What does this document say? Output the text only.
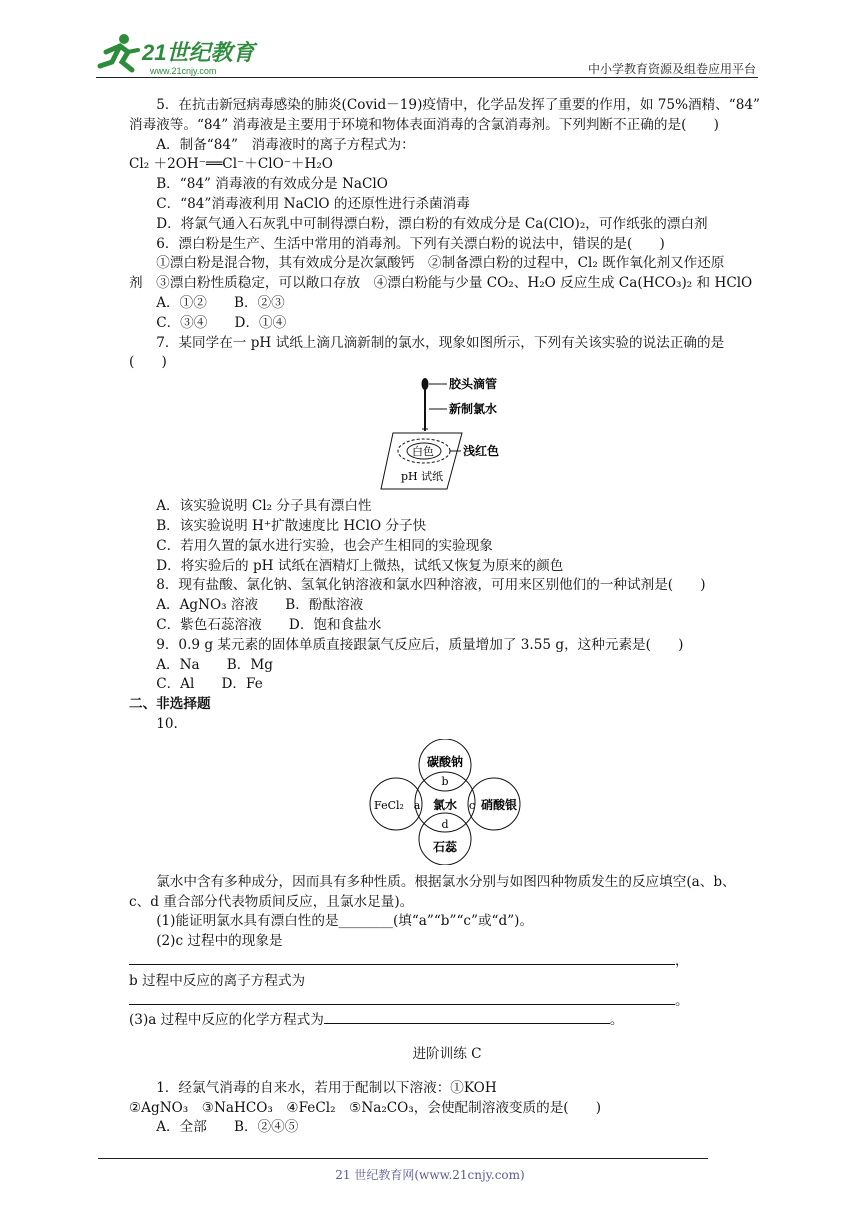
21世纪教育
www.21cnjy.com	中小学教育资源及组卷应用平台
5．在抗击新冠病毒感染的肺炎(Covid－19)疫情中，化学品发挥了重要的作用，如 75%酒精、“84”
消毒液等。“84” 消毒液是主要用于环境和物体表面消毒的含氯消毒剂。下列判断不正确的是(　　)
A．制备“84”　消毒液时的离子方程式为：
Cl₂ ＋2OH⁻══Cl⁻＋ClO⁻＋H₂O
B．“84” 消毒液的有效成分是 NaClO
C．“84”消毒液利用 NaClO 的还原性进行杀菌消毒
D．将氯气通入石灰乳中可制得漂白粉，漂白粉的有效成分是 Ca(ClO)₂，可作纸张的漂白剂
6．漂白粉是生产、生活中常用的消毒剂。下列有关漂白粉的说法中，错误的是(　　)
①漂白粉是混合物，其有效成分是次氯酸钙　②制备漂白粉的过程中，Cl₂ 既作氧化剂又作还原
剂　③漂白粉性质稳定，可以敞口存放　④漂白粉能与少量 CO₂、H₂O 反应生成 Ca(HCO₃)₂ 和 HClO
A．①②　　B．②③
C．③④　　D．①④
7．某同学在一 pH 试纸上滴几滴新制的氯水，现象如图所示，下列有关该实验的说法正确的是
(　　)
胶头滴管
新制氯水
白色 浅红色
pH 试纸
A．该实验说明 Cl₂ 分子具有漂白性
B．该实验说明 H⁺扩散速度比 HClO 分子快
C．若用久置的氯水进行实验，也会产生相同的实验现象
D．将实验后的 pH 试纸在酒精灯上微热，试纸又恢复为原来的颜色
8．现有盐酸、氯化钠、氢氧化钠溶液和氯水四种溶液，可用来区别他们的一种试剂是(　　)
A．AgNO₃ 溶液　　B．酚酞溶液
C．紫色石蕊溶液　　D．饱和食盐水
9．0.9 g 某元素的固体单质直接跟氯气反应后，质量增加了 3.55 g，这种元素是(　　)
A．Na　　B．Mg
C．Al　　D．Fe
二、非选择题
10.
碳酸钠
b
FeCl₂ a 氯水 c 硝酸银
d
石蕊
氯水中含有多种成分，因而具有多种性质。根据氯水分别与如图四种物质发生的反应填空(a、b、
c、d 重合部分代表物质间反应，且氯水足量)。
(1)能证明氯水具有漂白性的是________(填“a”“b”“c”或“d”)。
(2)c 过程中的现象是
，
b 过程中反应的离子方程式为
。
(3)a 过程中反应的化学方程式为	。
进阶训练 C
1．经氯气消毒的自来水，若用于配制以下溶液：①KOH
②AgNO₃　③NaHCO₃　④FeCl₂　⑤Na₂CO₃，会使配制溶液变质的是(　　)
A．全部　　B．②④⑤
21 世纪教育网(www.21cnjy.com)
